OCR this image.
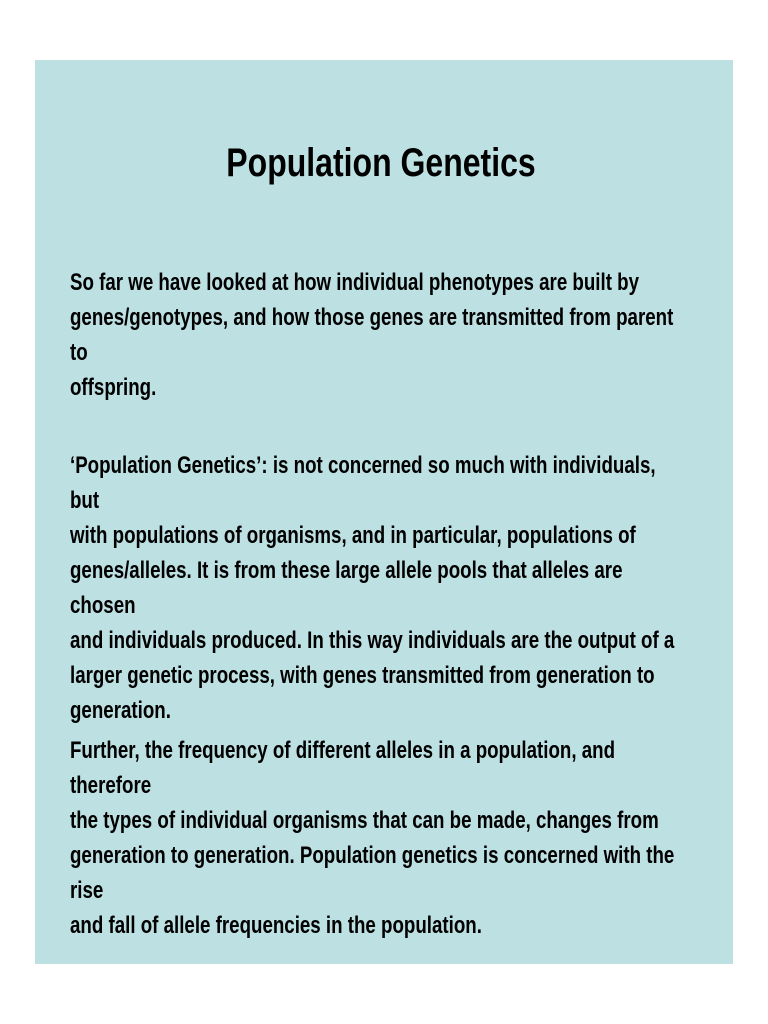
Population Genetics

So far we have looked at how individual phenotypes are built by
genes/genotypes, and how those genes are transmitted from parent to
offspring.

‘Population Genetics’: is not concerned so much with individuals, but
with populations of organisms, and in particular, populations of
genes/alleles. It is from these large allele pools that alleles are chosen
and individuals produced. In this way individuals are the output of a
larger genetic process, with genes transmitted from generation to
generation.

Further, the frequency of different alleles in a population, and therefore
the types of individual organisms that can be made, changes from
generation to generation. Population genetics is concerned with the rise
and fall of allele frequencies in the population.
